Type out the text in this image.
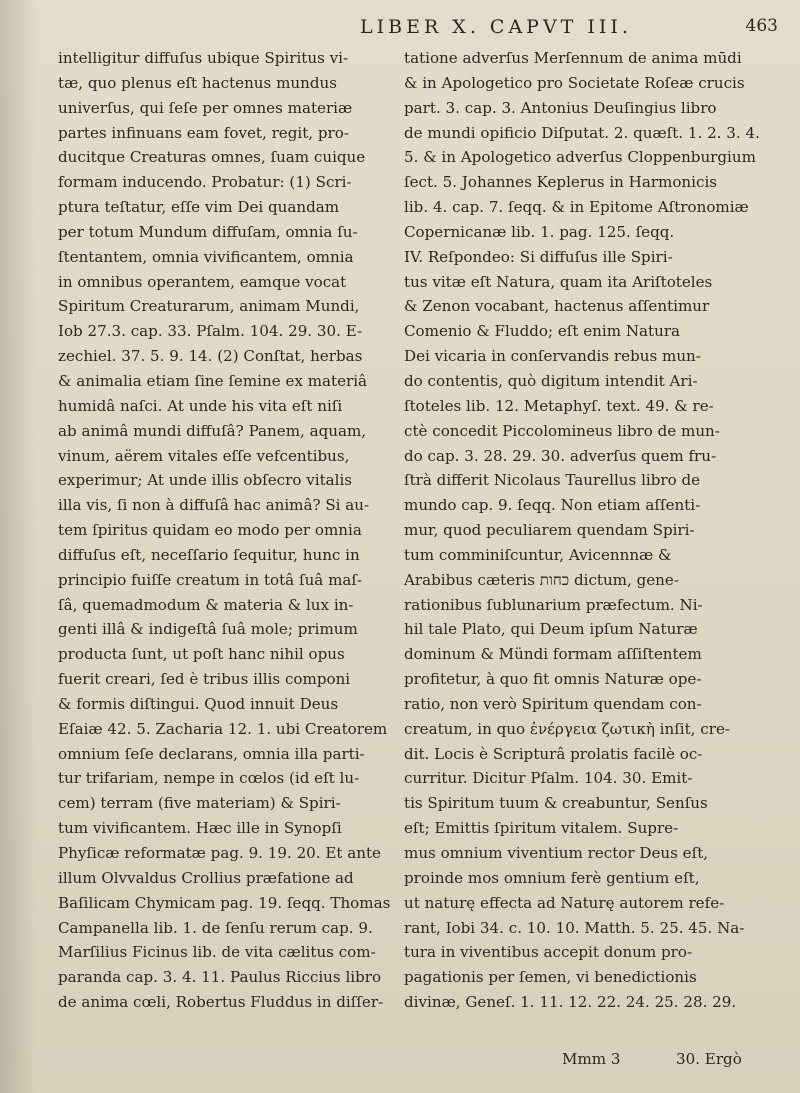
LIBER X. CAPVT III.	463
intelligitur diffuſus ubique Spiritus vi-
tæ, quo plenus eſt hactenus mundus
univerſus, qui ſeſe per omnes materiæ
partes infinuans eam fovet, regit, pro-
ducitque Creaturas omnes, ſuam cuique
formam inducendo. Probatur: (1) Scri-
ptura teſtatur, eſſe vim Dei quandam
per totum Mundum diffuſam, omnia ſu-
ſtentantem, omnia vivificantem, omnia
in omnibus operantem, eamque vocat
Spiritum Creaturarum, animam Mundi,
Iob 27.3. cap. 33. Pſalm. 104. 29. 30. E-
zechiel. 37. 5. 9. 14. (2) Conſtat, herbas
& animalia etiam ſine ſemine ex materiâ
humidâ naſci. At unde his vita eſt niſi
ab animâ mundi diffuſâ? Panem, aquam,
vinum, aërem vitales eſſe vefcentibus,
experimur; At unde illis obſecro vitalis
illa vis, ſi non à diffuſâ hac animâ? Si au-
tem ſpiritus quidam eo modo per omnia
diffuſus eſt, neceſſario ſequitur, hunc in
principio fuiſſe creatum in totâ ſuâ maſ-
ſâ, quemadmodum & materia & lux in-
genti illâ & indigeſtâ ſuâ mole; primum
producta ſunt, ut poſt hanc nihil opus
fuerit creari, ſed è tribus illis componi
& formis diſtingui. Quod innuit Deus
Eſaiæ 42. 5. Zacharia 12. 1. ubi Creatorem
omnium ſeſe declarans, omnia illa parti-
tur trifariam, nempe in cœlos (id eſt lu-
cem) terram (five materiam) & Spiri-
tum vivificantem. Hæc ille in Synopſi
Phyſicæ reformatæ pag. 9. 19. 20. Et ante
illum Olvvaldus Crollius præfatione ad
Baſilicam Chymicam pag. 19. ſeqq. Thomas
Campanella lib. 1. de ſenſu rerum cap. 9.
Marſilius Ficinus lib. de vita cælitus com-
paranda cap. 3. 4. 11. Paulus Riccius libro
de anima cœli, Robertus Fluddus in diſſer-
tatione adverſus Merſennum de anima mūdi
& in Apologetico pro Societate Roſeæ crucis
part. 3. cap. 3. Antonius Deuſingius libro
de mundi opificio Diſputat. 2. quæſt. 1. 2. 3. 4.
5. & in Apologetico adverſus Cloppenburgium
ſect. 5. Johannes Keplerus in Harmonicis
lib. 4. cap. 7. ſeqq. & in Epitome Aſtronomiæ
Copernicanæ lib. 1. pag. 125. ſeqq.
IV. Reſpondeo: Si diffuſus ille Spiri-
tus vitæ eſt Natura, quam ita Ariſtoteles
& Zenon vocabant, hactenus aſſentimur
Comenio & Fluddo; eſt enim Natura
Dei vicaria in conſervandis rebus mun-
do contentis, quò digitum intendit Ari-
ſtoteles lib. 12. Metaphyſ. text. 49. & re-
ctè concedit Piccolomineus libro de mun-
do cap. 3. 28. 29. 30. adverſus quem fru-
ſtrà differit Nicolaus Taurellus libro de
mundo cap. 9. ſeqq. Non etiam aſſenti-
mur, quod peculiarem quendam Spiri-
tum comminiſcuntur, Avicennnæ &
Arabibus cæteris כחות dictum, gene-
rationibus ſublunarium præfectum. Ni-
hil tale Plato, qui Deum ipſum Naturæ
dominum & Mündi formam aſſiſtentem
profitetur, à quo fit omnis Naturæ ope-
ratio, non verò Spiritum quendam con-
creatum, in quo ἐνέργεια ζωτικὴ inſit, cre-
dit. Locis è Scripturâ prolatis facilè oc-
curritur. Dicitur Pſalm. 104. 30. Emit-
tis Spiritum tuum & creabuntur, Senſus
eſt; Emittis ſpiritum vitalem. Supre-
mus omnium viventium rector Deus eſt,
proinde mos omnium ferè gentium eſt,
ut naturę effecta ad Naturę autorem refe-
rant, Iobi 34. c. 10. 10. Matth. 5. 25. 45. Na-
tura in viventibus accepit donum pro-
pagationis per ſemen, vi benedictionis
divinæ, Geneſ. 1. 11. 12. 22. 24. 25. 28. 29.
Mmm 3	30. Ergò
